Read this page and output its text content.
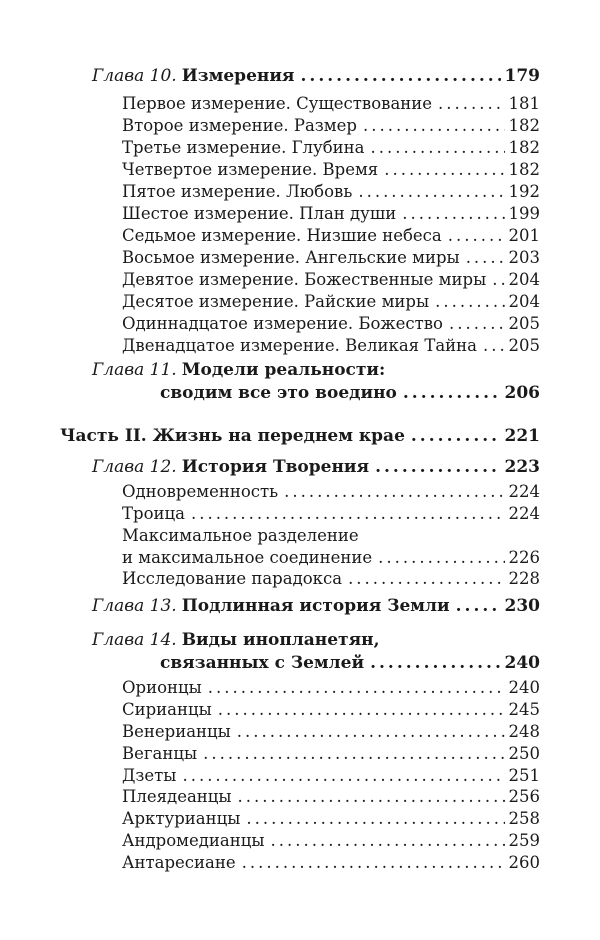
Глава 10. Измерения .....	179
Первое измерение. Существование .....	181
Второе измерение. Размер .....	182
Третье измерение. Глубина .....	182
Четвертое измерение. Время .....	182
Пятое измерение. Любовь .....	192
Шестое измерение. План души .....	199
Седьмое измерение. Низшие небеса .....	201
Восьмое измерение. Ангельские миры .....	203
Девятое измерение. Божественные миры .....	204
Десятое измерение. Райские миры .....	204
Одиннадцатое измерение. Божество .....	205
Двенадцатое измерение. Великая Тайна .....	205
Глава 11. Модели реальности:
сводим все это воедино .....	206
Часть II. Жизнь на переднем крае .....	221
Глава 12. История Творения .....	223
Одновременность .....	224
Троица .....	224
Максимальное разделение
и максимальное соединение .....	226
Исследование парадокса .....	228
Глава 13. Подлинная история Земли .....	230
Глава 14. Виды инопланетян,
связанных с Землей .....	240
Орионцы .....	240
Сирианцы .....	245
Венерианцы .....	248
Веганцы .....	250
Дзеты .....	251
Плеядеанцы .....	256
Арктурианцы .....	258
Андромедианцы .....	259
Антаресиане .....	260
